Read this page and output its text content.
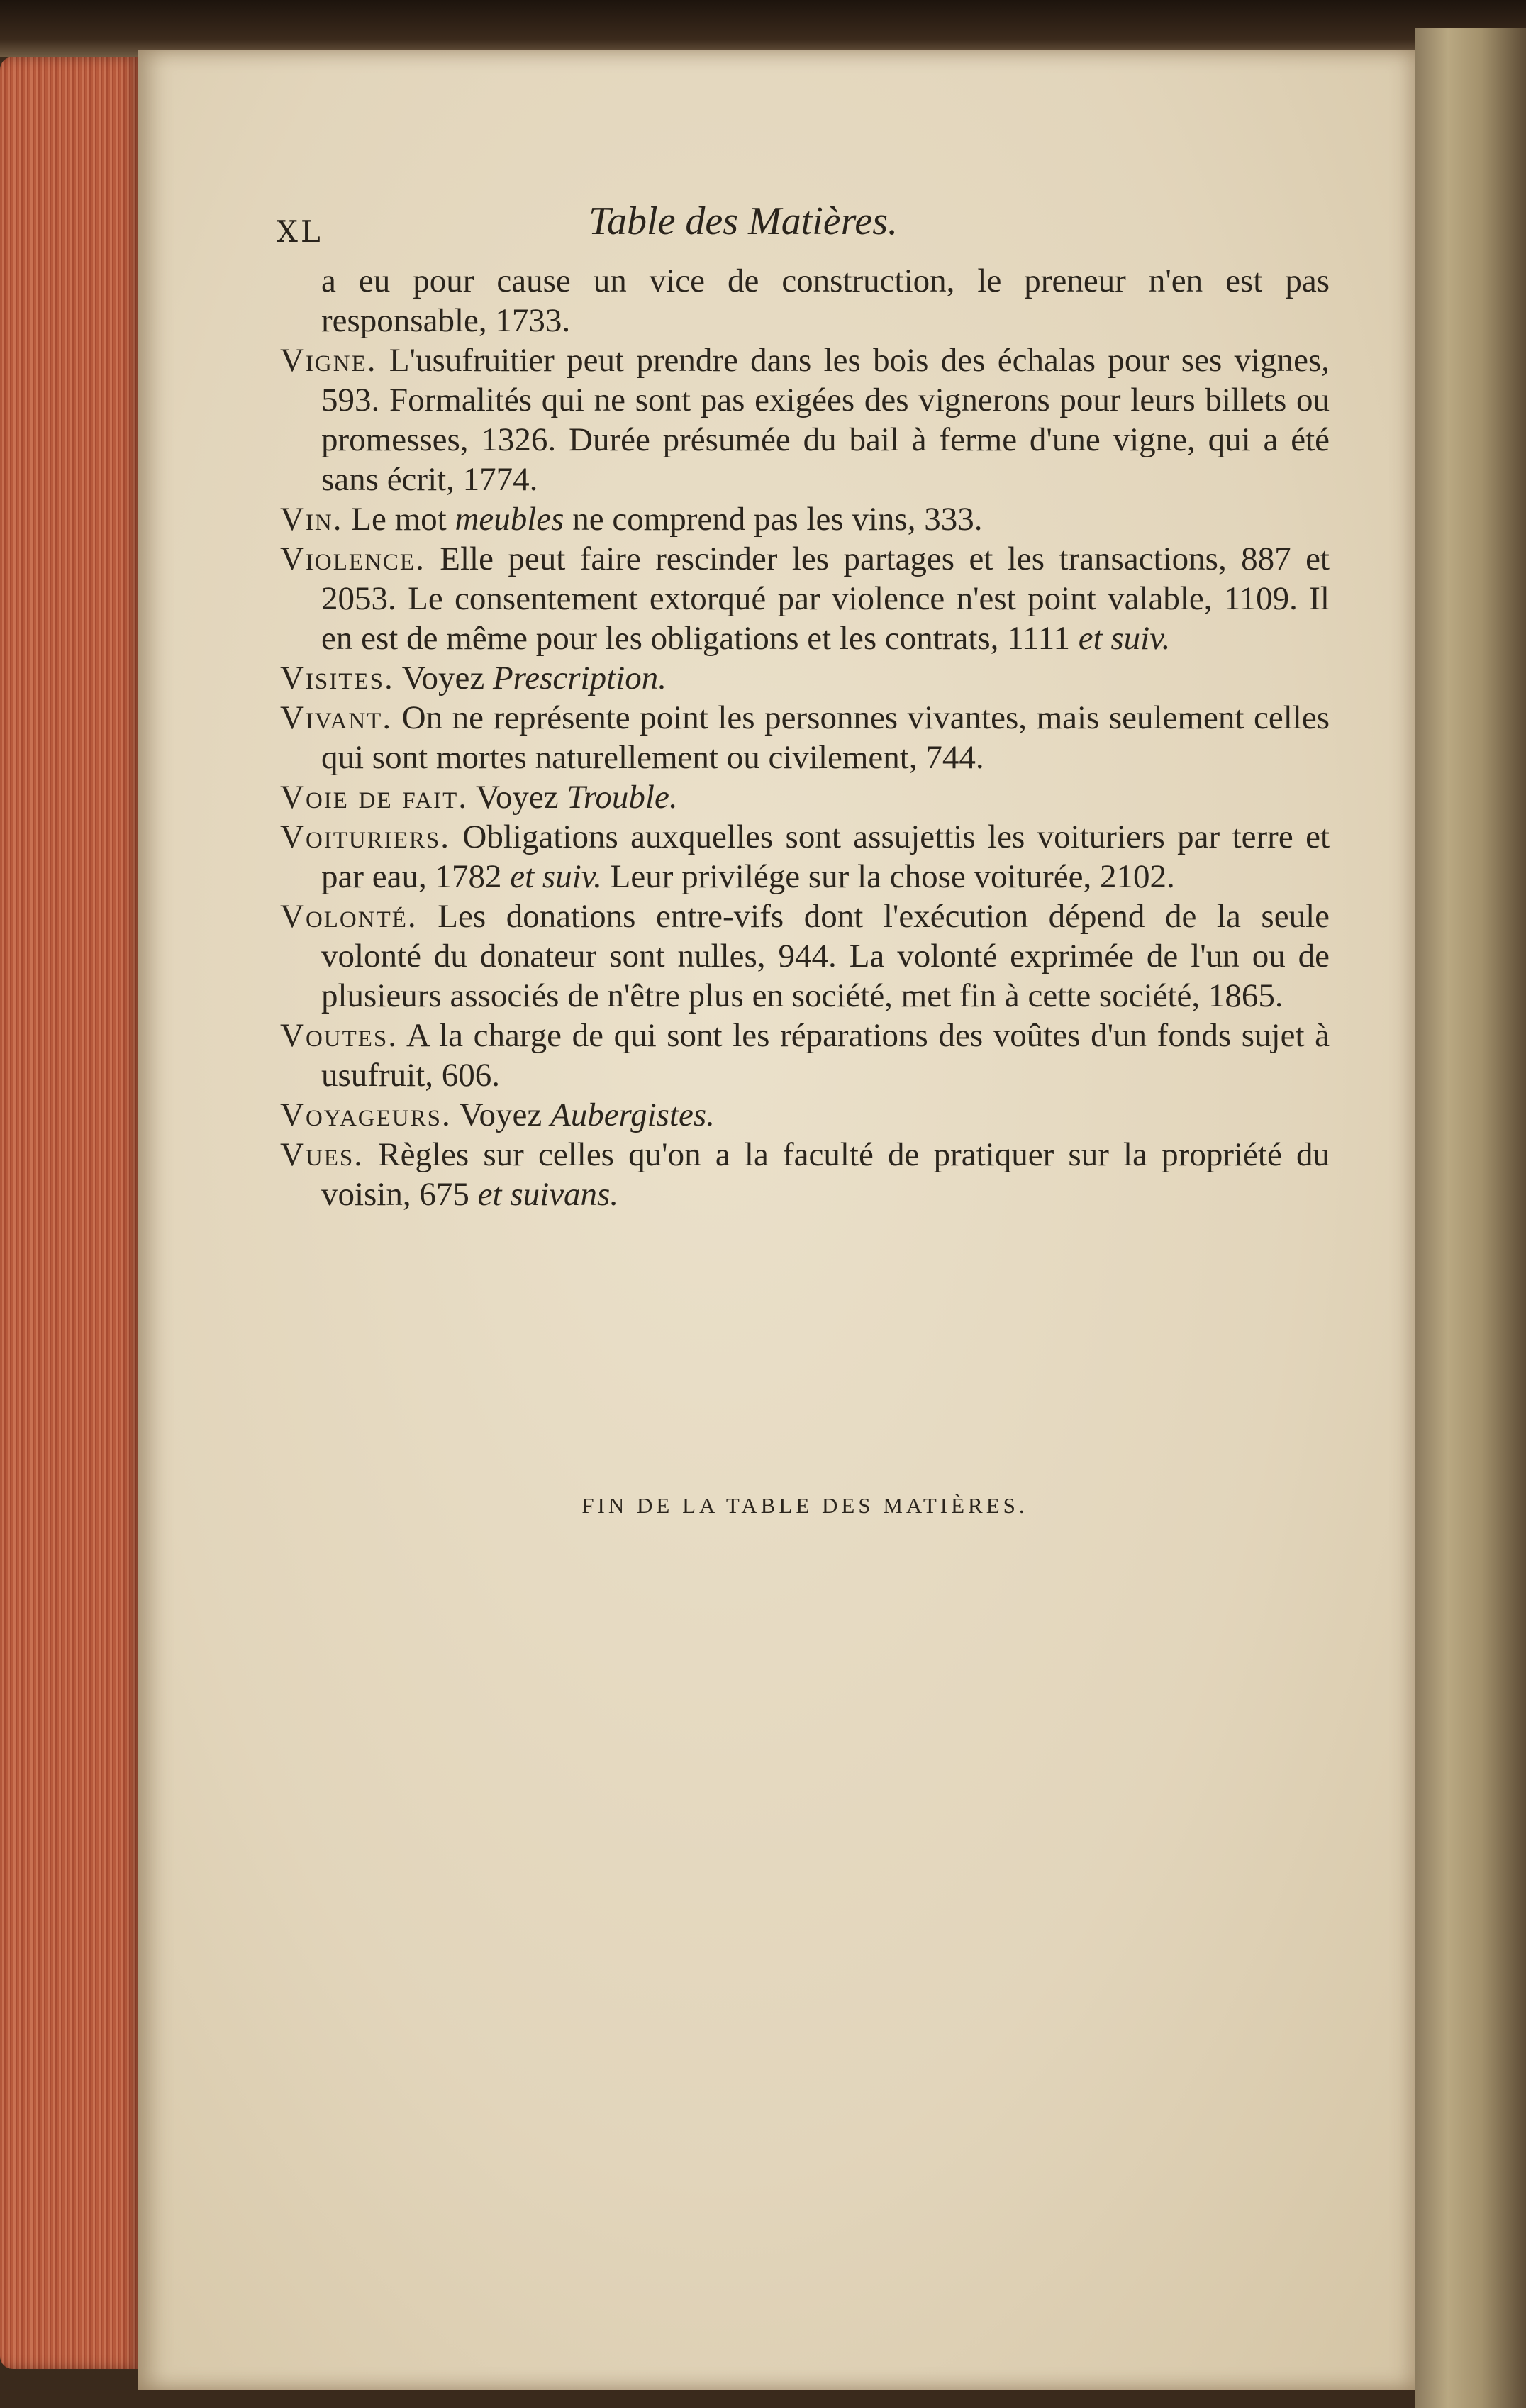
XL	Table des Matières.

a eu pour cause un vice de construction, le preneur n'en est pas responsable, 1733.

Vigne. L'usufruitier peut prendre dans les bois des échalas pour ses vignes, 593. Formalités qui ne sont pas exigées des vignerons pour leurs billets ou promesses, 1326. Durée présumée du bail à ferme d'une vigne, qui a été sans écrit, 1774.

Vin. Le mot meubles ne comprend pas les vins, 333.

Violence. Elle peut faire rescinder les partages et les transactions, 887 et 2053. Le consentement extorqué par violence n'est point valable, 1109. Il en est de même pour les obligations et les contrats, 1111 et suiv.

Visites. Voyez Prescription.

Vivant. On ne représente point les personnes vivantes, mais seulement celles qui sont mortes naturellement ou civilement, 744.

Voie de fait. Voyez Trouble.

Voituriers. Obligations auxquelles sont assujettis les voituriers par terre et par eau, 1782 et suiv. Leur privilége sur la chose voiturée, 2102.

Volonté. Les donations entre-vifs dont l'exécution dépend de la seule volonté du donateur sont nulles, 944. La volonté exprimée de l'un ou de plusieurs associés de n'être plus en société, met fin à cette société, 1865.

Voutes. A la charge de qui sont les réparations des voûtes d'un fonds sujet à usufruit, 606.

Voyageurs. Voyez Aubergistes.

Vues. Règles sur celles qu'on a la faculté de pratiquer sur la propriété du voisin, 675 et suivans.

FIN DE LA TABLE DES MATIÈRES.
